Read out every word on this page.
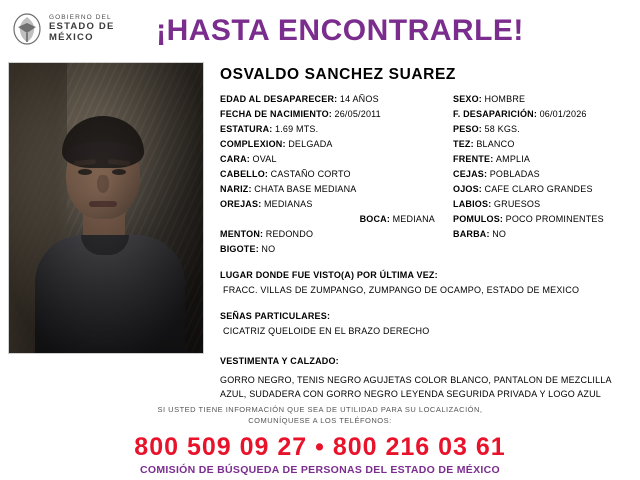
GOBIERNO DEL
ESTADO DE MÉXICO	¡HASTA ENCONTRARLE!
OSVALDO SANCHEZ SUAREZ
EDAD AL DESAPARECER: 14 AÑOS	SEXO: HOMBRE
FECHA DE NACIMIENTO: 26/05/2011	F. DESAPARICIÓN: 06/01/2026
ESTATURA: 1.69 MTS.	PESO: 58 KGS.
COMPLEXION: DELGADA	TEZ: BLANCO
CARA: OVAL	FRENTE: AMPLIA
CABELLO: CASTAÑO CORTO	CEJAS: POBLADAS
NARIZ: CHATA BASE MEDIANA	OJOS: CAFE CLARO GRANDES
OREJAS: MEDIANAS	LABIOS: GRUESOS
BOCA: MEDIANA	POMULOS: POCO PROMINENTES
MENTON: REDONDO	BARBA: NO
BIGOTE: NO
LUGAR DONDE FUE VISTO(A) POR ÚLTIMA VEZ:
FRACC. VILLAS DE ZUMPANGO, ZUMPANGO DE OCAMPO, ESTADO DE MEXICO
SEÑAS PARTICULARES:
CICATRIZ QUELOIDE EN EL BRAZO DERECHO
VESTIMENTA Y CALZADO:
GORRO NEGRO, TENIS NEGRO AGUJETAS COLOR BLANCO, PANTALON DE MEZCLILLA
AZUL, SUDADERA CON GORRO NEGRO LEYENDA SEGURIDA PRIVADA Y LOGO AZUL
SI USTED TIENE INFORMACIÓN QUE SEA DE UTILIDAD PARA SU LOCALIZACIÓN,
COMUNÍQUESE A LOS TELÉFONOS:
800 509 09 27 • 800 216 03 61
COMISIÓN DE BÚSQUEDA DE PERSONAS DEL ESTADO DE MÉXICO
